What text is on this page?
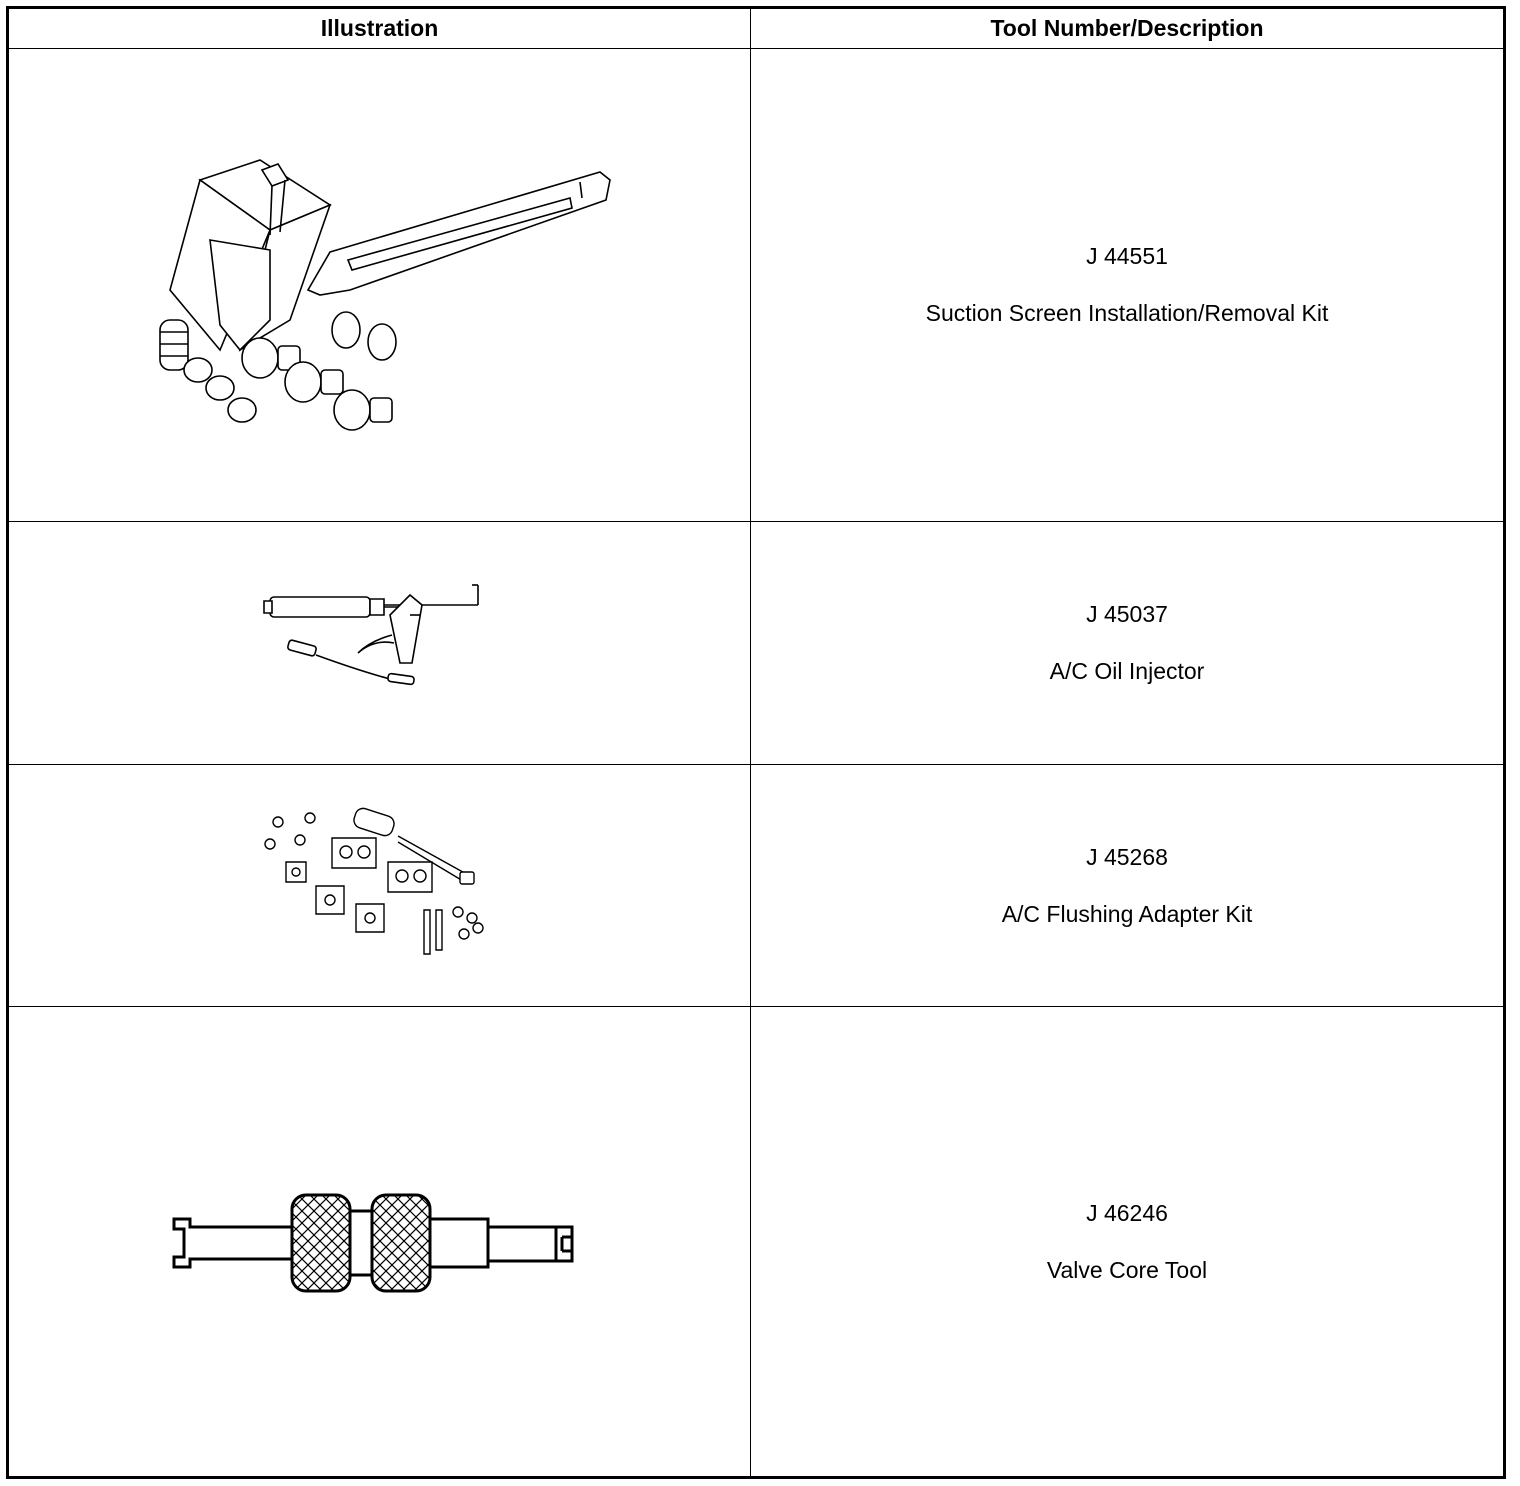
Illustration	Tool Number/Description
J 44551
Suction Screen Installation/Removal Kit
J 45037
A/C Oil Injector
J 45268
A/C Flushing Adapter Kit
J 46246
Valve Core Tool
